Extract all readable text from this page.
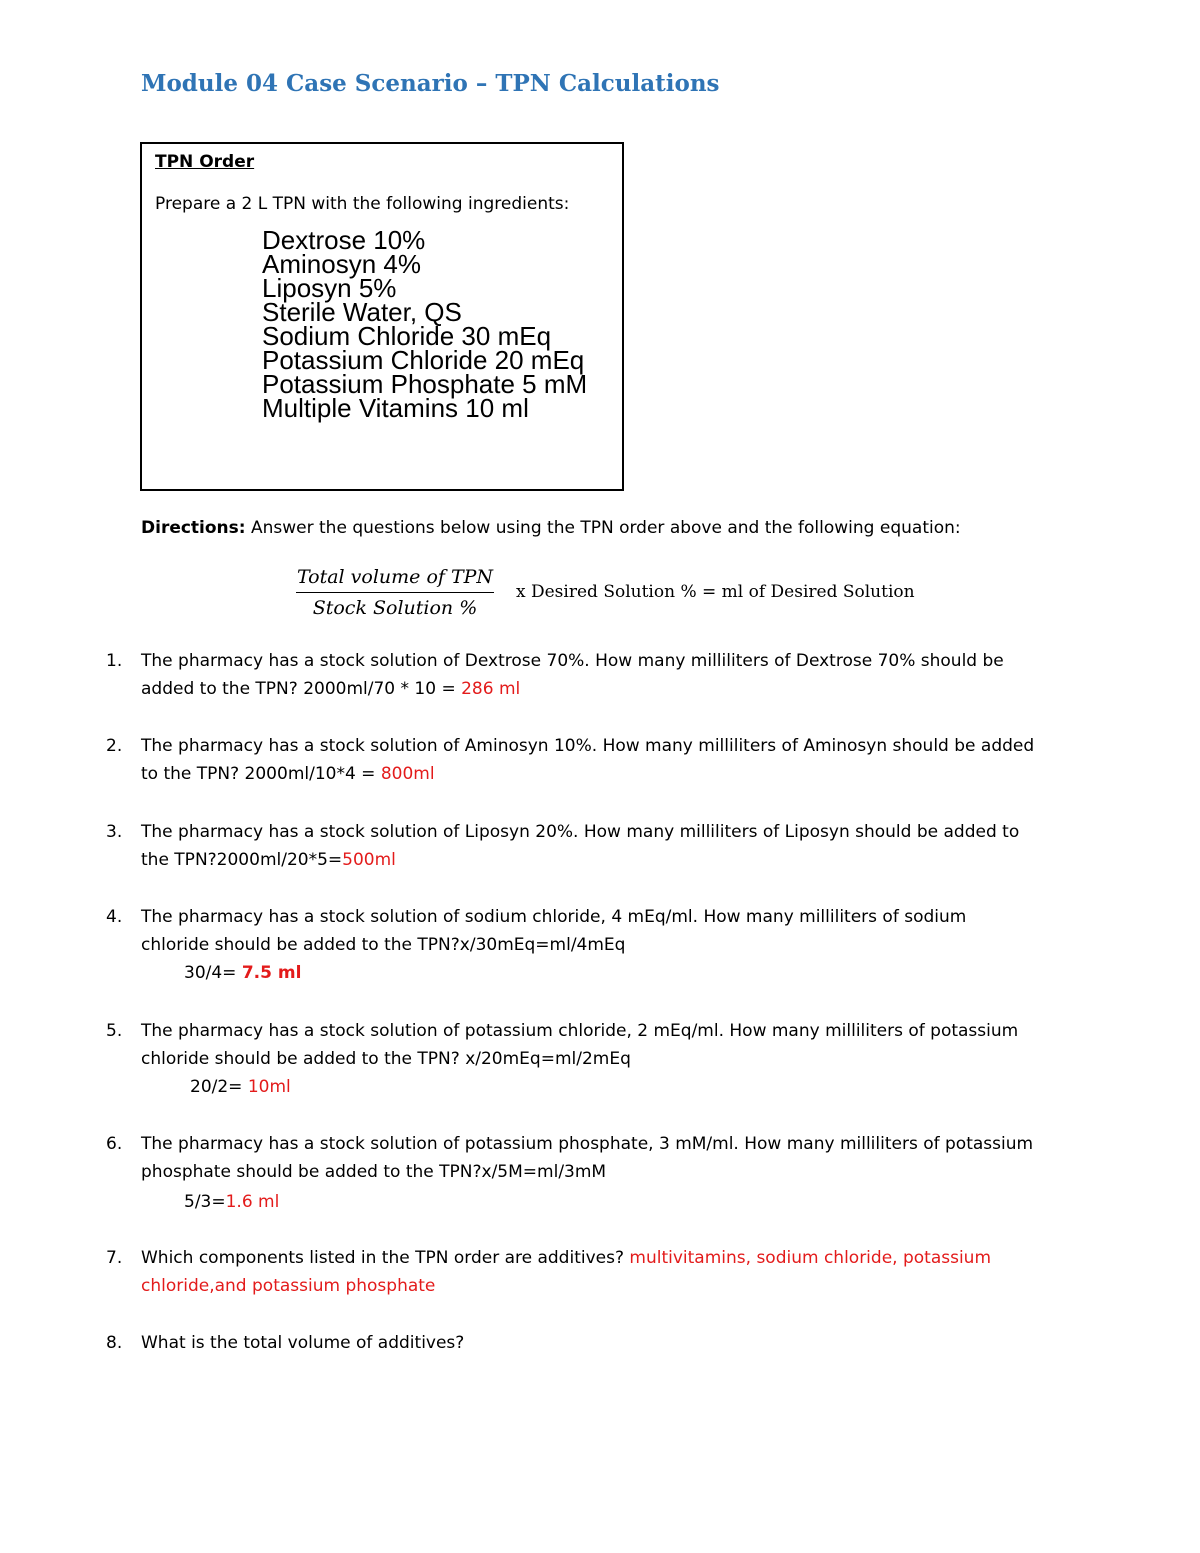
Module 04 Case Scenario – TPN Calculations
TPN Order
Prepare a 2 L TPN with the following ingredients:
Dextrose 10%
Aminosyn 4%
Liposyn 5%
Sterile Water, QS
Sodium Chloride 30 mEq
Potassium Chloride 20 mEq
Potassium Phosphate 5 mM
Multiple Vitamins 10 ml
Directions: Answer the questions below using the TPN order above and the following equation:
Total volume of TPN
Stock Solution %
x Desired Solution % = ml of Desired Solution
1.	The pharmacy has a stock solution of Dextrose 70%. How many milliliters of Dextrose 70% should be
added to the TPN? 2000ml/70 * 10 = 286 ml
2.	The pharmacy has a stock solution of Aminosyn 10%. How many milliliters of Aminosyn should be added
to the TPN? 2000ml/10*4 = 800ml
3.	The pharmacy has a stock solution of Liposyn 20%. How many milliliters of Liposyn should be added to
the TPN?2000ml/20*5=500ml
4.	The pharmacy has a stock solution of sodium chloride, 4 mEq/ml. How many milliliters of sodium
chloride should be added to the TPN?x/30mEq=ml/4mEq
30/4= 7.5 ml
5.	The pharmacy has a stock solution of potassium chloride, 2 mEq/ml. How many milliliters of potassium
chloride should be added to the TPN? x/20mEq=ml/2mEq
20/2= 10ml
6.	The pharmacy has a stock solution of potassium phosphate, 3 mM/ml. How many milliliters of potassium
phosphate should be added to the TPN?x/5M=ml/3mM
5/3=1.6 ml
7.	Which components listed in the TPN order are additives? multivitamins, sodium chloride, potassium
chloride,and potassium phosphate
8.	What is the total volume of additives?
